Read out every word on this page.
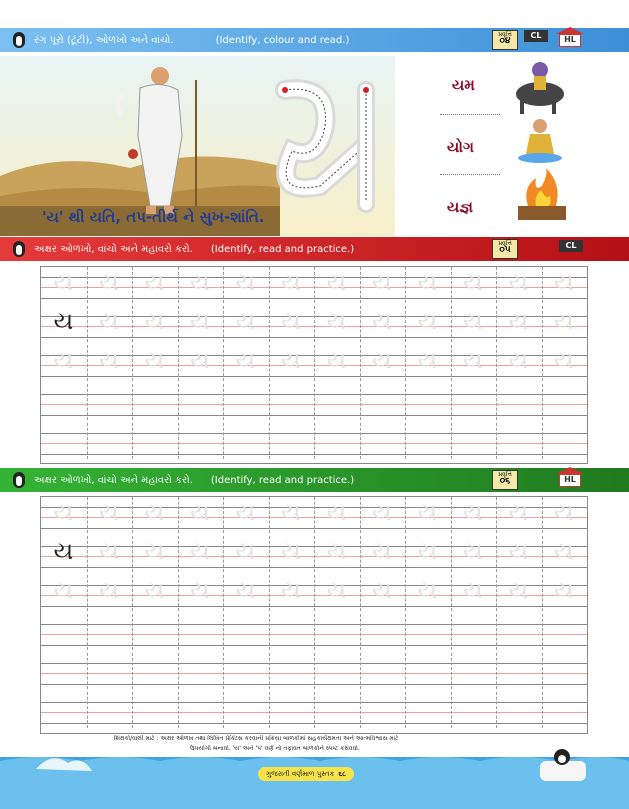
રંગ પૂરો (ટૂંટી), ઓળખો અને વાંચો.	(Identify, colour and read.)	પ્રવૃત્તિ
૦૪
CL	HL
'ય' થી યતિ, તપ-તીર્થ ને સુખ-શાંતિ.
યમ
યોગ
યજ્ઞ
અક્ષર ઓળખો, વાંચો અને મહાવરો કરો. (Identify, read and practice.)	પ્રવૃત્તિ
૦૫	CL
ય	ય	ય	ય	ય	ય	ય	ય	ય	ય	ય	ય
ય	ય	ય	ય	ય	ય	ય	ય	ય	ય	ય	ય
ય	ય	ય	ય	ય	ય	ય	ય	ય	ય	ય	ય
અક્ષર ઓળખો, વાંચો અને મહાવરો કરો. (Identify, read and practice.)	પ્રવૃત્તિ
૦૬	HL
ય	ય	ય	ય	ય	ય	ય	ય	ય	ય	ય	ય
ય	ય	ય	ય	ય	ય	ય	ય	ય	ય	ય	ય
ય	ય	ય	ય	ય	ય	ય	ય	ય	ય	ય	ય
શિક્ષકો/વાલી માટે : અક્ષર ઓળખ તથા લિખિત પ્રેક્ટિસ કરવાની પ્રક્રિયા બાળકોમાં સહકાર્યક્ષમતા અને આત્મવિશ્વાસ માટે
ઉપયોગી બનાવો. 'ય' અને 'પ' વર્ણ નો તફાવત બાળકોને સ્પષ્ટ કરાવવો.
ગુજરાતી વર્ણમાળ પુસ્તક ૬૮
